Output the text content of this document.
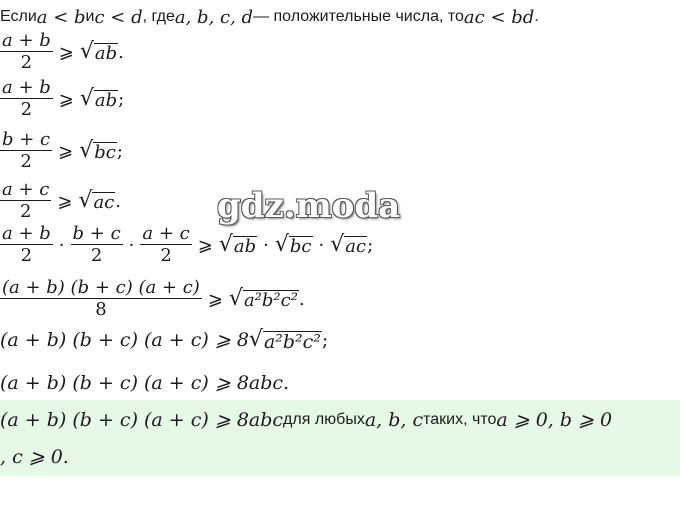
Если a < b и c < d , где a, b, c, d — положительные числа, то ac < bd .
$\frac{a + b}{2}$ ⩾ √ ab .
$\frac{a + b}{2}$ ⩾ √ ab ;
$\frac{b + c}{2}$ ⩾ √ bc ;
$\frac{a + c}{2}$ ⩾ √ ac .
$\frac{a + b}{2} \cdot \frac{b + c}{2} \cdot \frac{a + c}{2}$ ⩾ √ ab · √ bc · √ ac ;
$\frac{(a + b) (b + c) (a + c)}{8}$ ⩾ √ a²b²c² .
(a + b) (b + c) (a + c) ⩾ 8 √ a²b²c² ;
(a + b) (b + c) (a + c) ⩾ 8abc.
(a + b) (b + c) (a + c) ⩾ 8abc для любых a, b, c таких, что a ⩾ 0, b ⩾ 0
, c ⩾ 0.
gdz.moda
